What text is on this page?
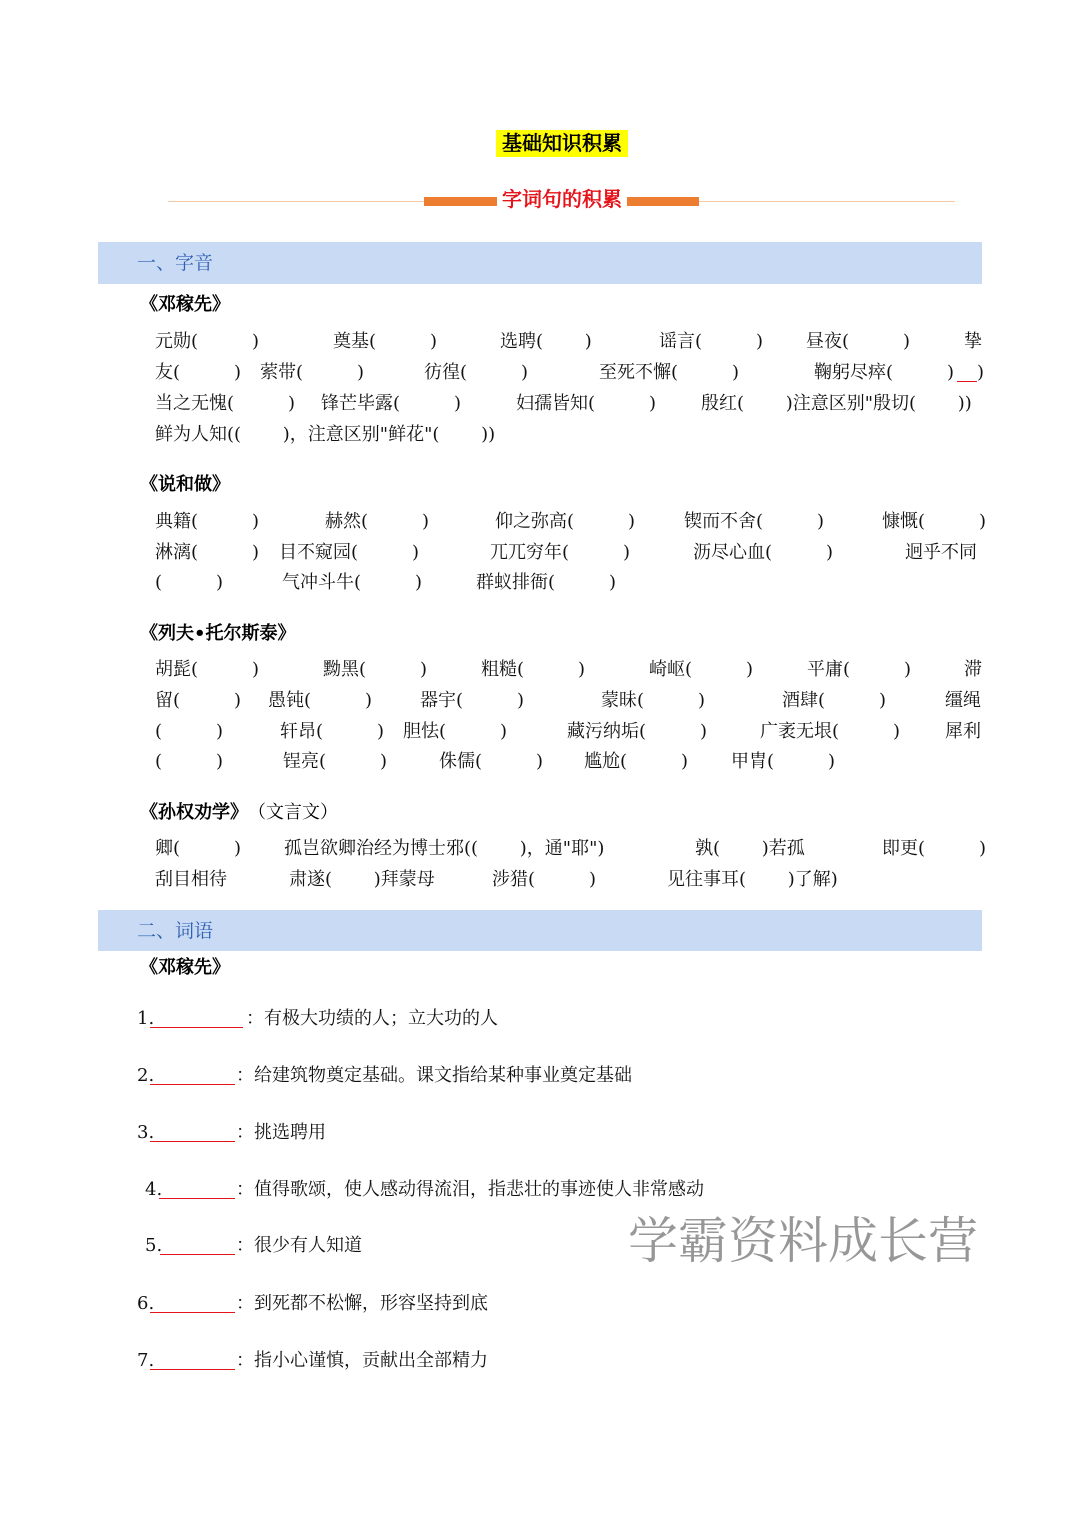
基础知识积累
字词句的积累
一、字音
《邓稼先》
元勋(　　　)	奠基(　　　)	选聘(　　 )	谣言(　　　) 昼夜(　　　)	挚
友(　　　) 萦带(　　　)	彷徨(　　　)	至死不懈(　　　)	鞠躬尽瘁(　　　) )
当之无愧(　　　) 锋芒毕露(　　　)	妇孺皆知(　　　) 殷红(　　 )注意区别"殷切(　　 ))
鲜为人知((　　 )，注意区别"鲜花"(　　 ))
《说和做》
典籍(　　　)	赫然(　　　)	仰之弥高(　　　)	锲而不舍(　　　)	慷慨(　　　)
淋漓(　　　) 目不窥园(　　　)	兀兀穷年(　　　)	沥尽心血(　　　)	迥乎不同
(　　　)	气冲斗牛(　　　)	群蚁排衙(　　　)
《列夫•托尔斯泰》
胡髭(　　　)	黝黑(　　　)	粗糙(　　　)	崎岖(　　　)	平庸(　　　)	滞
留(　　　) 愚钝(　　　)	器宇(　　　)	蒙昧(　　　)	酒肆(　　　)	缰绳
(　　　)	轩昂(　　　) 胆怯(　　　)	藏污纳垢(　　　)	广袤无垠(　　　) 犀利
(　　　)	锃亮(　　　)	侏儒(　　　) 尴尬(　　　) 甲胄(　　　)
《孙权劝学》 （文言文）
卿(　　　) 孤岂欲卿治经为博士邪((　　 )，通"耶")	孰(　　 )若孤	即更(　　　)
刮目相待	肃遂(　　 )拜蒙母	涉猎(　　　)	见往事耳(　　 )了解)
二、词语
《邓稼先》
1.	：有极大功绩的人；立大功的人
2.	：给建筑物奠定基础。课文指给某种事业奠定基础
3.	：挑选聘用
4.	：值得歌颂，使人感动得流泪，指悲壮的事迹使人非常感动
5.	：很少有人知道
6.	：到死都不松懈，形容坚持到底
7.	：指小心谨慎，贡献出全部精力
学霸资料成长营
